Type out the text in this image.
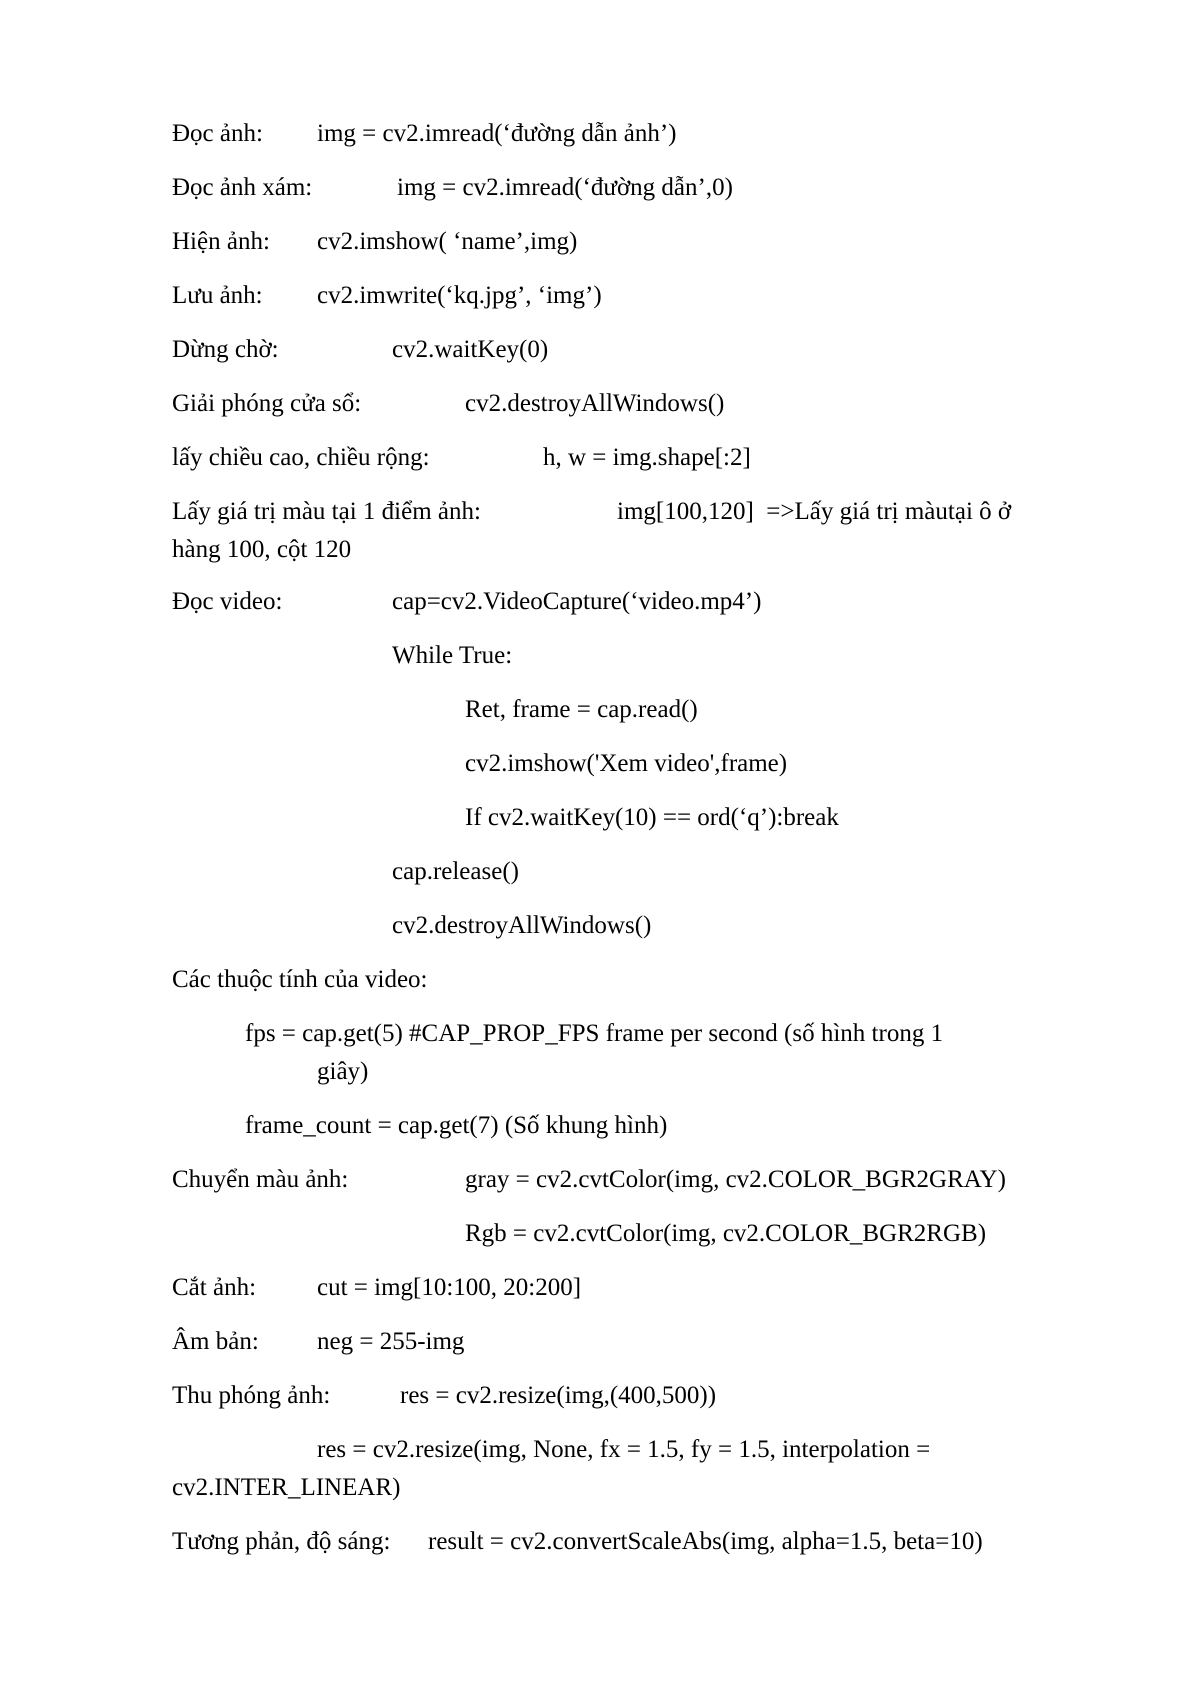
Đọc ảnh: img = cv2.imread(‘đường dẫn ảnh’)
Đọc ảnh xám:	img = cv2.imread(‘đường dẫn’,0)
Hiện ảnh: cv2.imshow( ‘name’,img)
Lưu ảnh: cv2.imwrite(‘kq.jpg’, ‘img’)
Dừng chờ:	cv2.waitKey(0)
Giải phóng cửa sổ:	cv2.destroyAllWindows()
lấy chiều cao, chiều rộng:	h, w = img.shape[:2]
Lấy giá trị màu tại 1 điểm ảnh:	img[100,120]  =>Lấy giá trị màutại ô ở
hàng 100, cột 120
Đọc video:	cap=cv2.VideoCapture(‘video.mp4’)
While True:
Ret, frame = cap.read()
cv2.imshow('Xem video',frame)
If cv2.waitKey(10) == ord(‘q’):break
cap.release()
cv2.destroyAllWindows()
Các thuộc tính của video:
fps = cap.get(5) #CAP_PROP_FPS frame per second (số hình trong 1
giây)
frame_count = cap.get(7) (Số khung hình)
Chuyển màu ảnh:	gray = cv2.cvtColor(img, cv2.COLOR_BGR2GRAY)
Rgb = cv2.cvtColor(img, cv2.COLOR_BGR2RGB)
Cắt ảnh: cut = img[10:100, 20:200]
Âm bản: neg = 255-img
Thu phóng ảnh:	res = cv2.resize(img,(400,500))
res = cv2.resize(img, None, fx = 1.5, fy = 1.5, interpolation =
cv2.INTER_LINEAR)
Tương phản, độ sáng: result = cv2.convertScaleAbs(img, alpha=1.5, beta=10)
